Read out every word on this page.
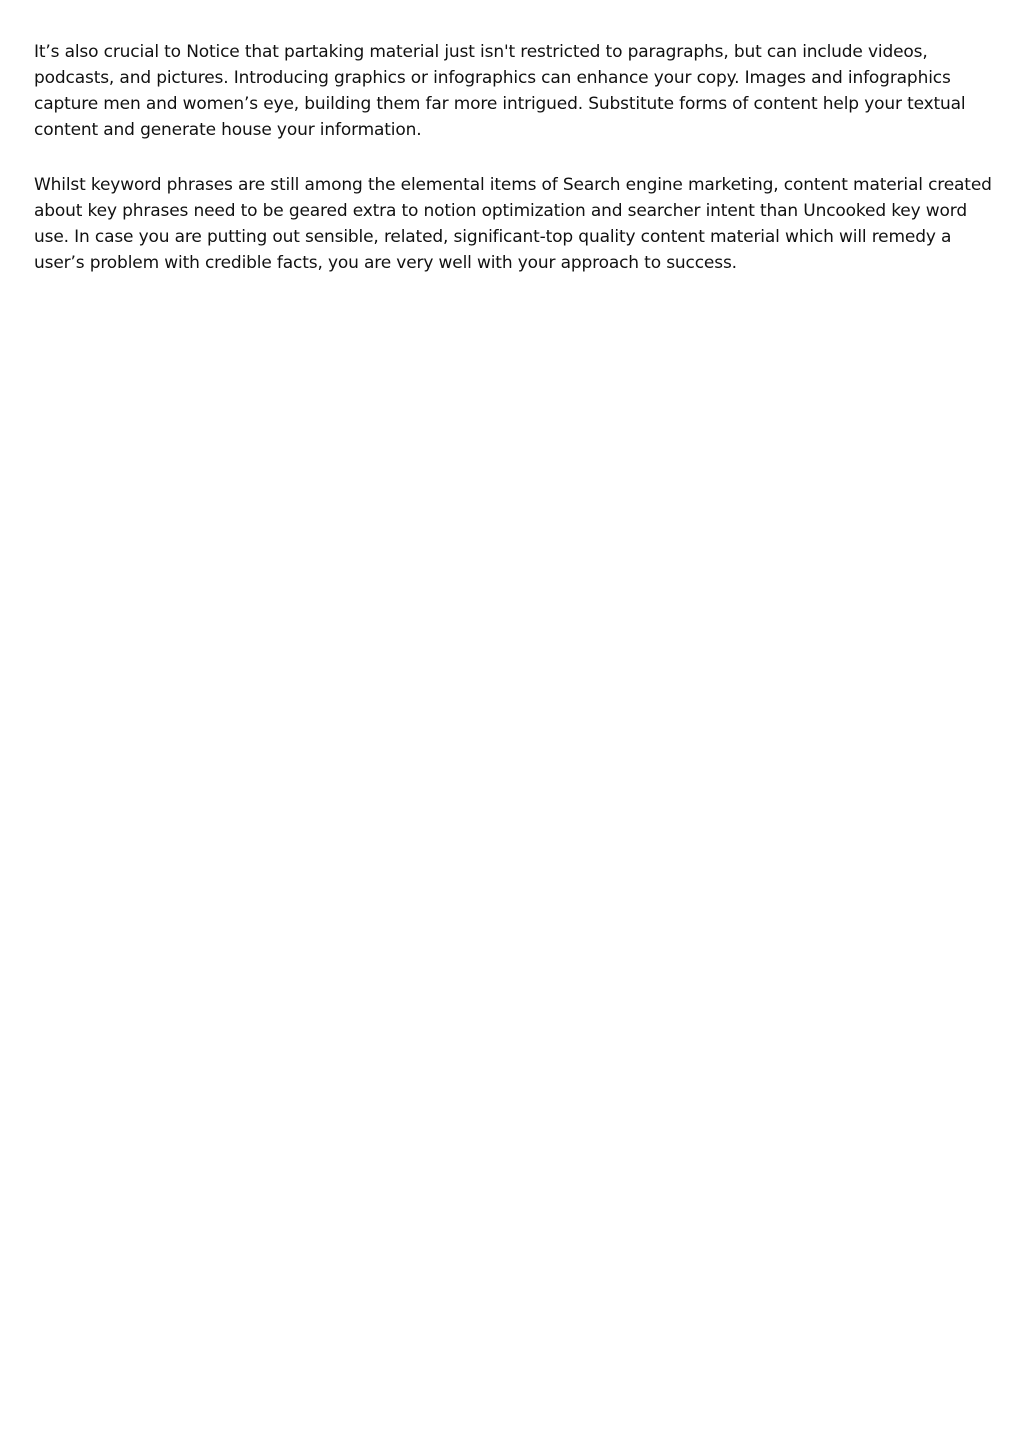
It’s also crucial to Notice that partaking material just isn't restricted to paragraphs, but can include videos, podcasts, and pictures. Introducing graphics or infographics can enhance your copy. Images and infographics capture men and women’s eye, building them far more intrigued. Substitute forms of content help your textual content and generate house your information.

Whilst keyword phrases are still among the elemental items of Search engine marketing, content material created about key phrases need to be geared extra to notion optimization and searcher intent than Uncooked key word use. In case you are putting out sensible, related, significant-top quality content material which will remedy a user’s problem with credible facts, you are very well with your approach to success.
